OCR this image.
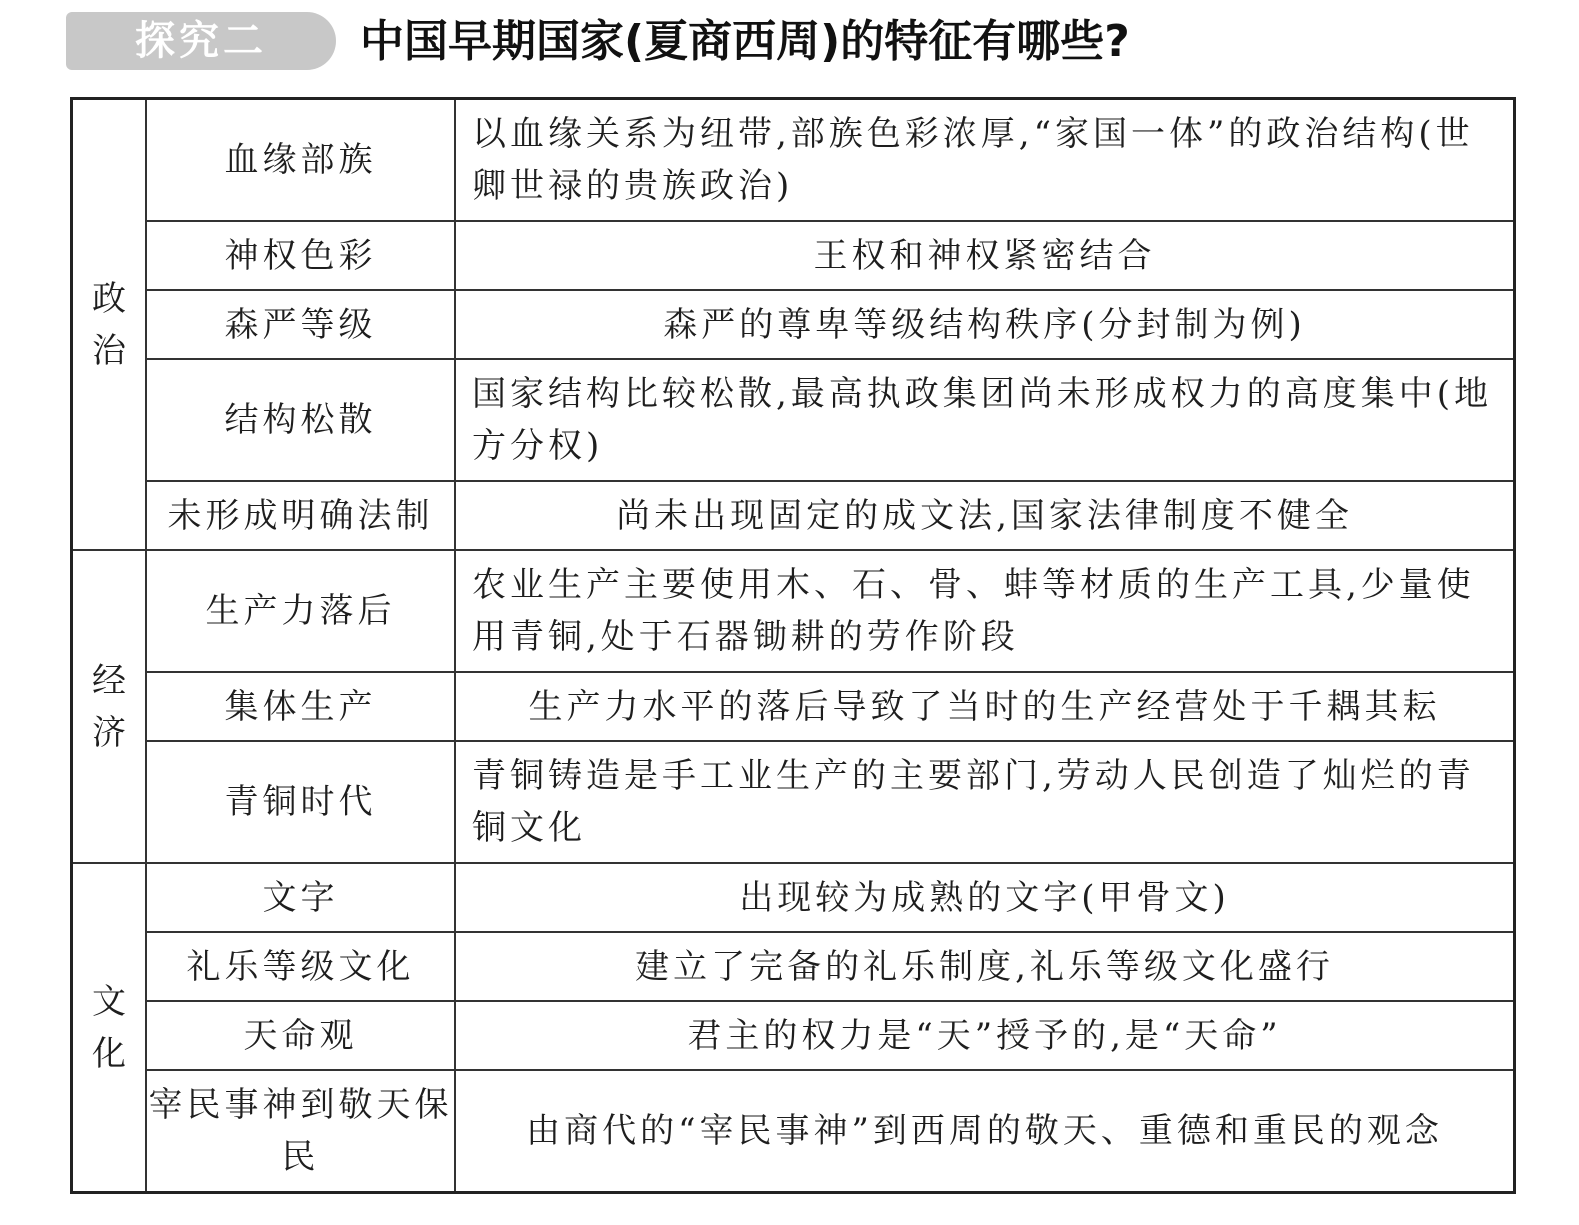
探究二	中国早期国家(夏商西周)的特征有哪些?
政
治	血缘部族	以血缘关系为纽带,部族色彩浓厚,“家国一体”的政治结构(世卿世禄的贵族政治)
	神权色彩	王权和神权紧密结合
	森严等级	森严的尊卑等级结构秩序(分封制为例)
	结构松散	国家结构比较松散,最高执政集团尚未形成权力的高度集中(地方分权)
	未形成明确法制	尚未出现固定的成文法,国家法律制度不健全

经
济	生产力落后	农业生产主要使用木、石、骨、蚌等材质的生产工具,少量使用青铜,处于石器锄耕的劳作阶段
	集体生产	生产力水平的落后导致了当时的生产经营处于千耦其耘
	青铜时代	青铜铸造是手工业生产的主要部门,劳动人民创造了灿烂的青铜文化

文
化	文字	出现较为成熟的文字(甲骨文)
	礼乐等级文化	建立了完备的礼乐制度,礼乐等级文化盛行
	天命观	君主的权力是“天”授予的,是“天命”
	宰民事神到敬天保民	由商代的“宰民事神”到西周的敬天、重德和重民的观念
